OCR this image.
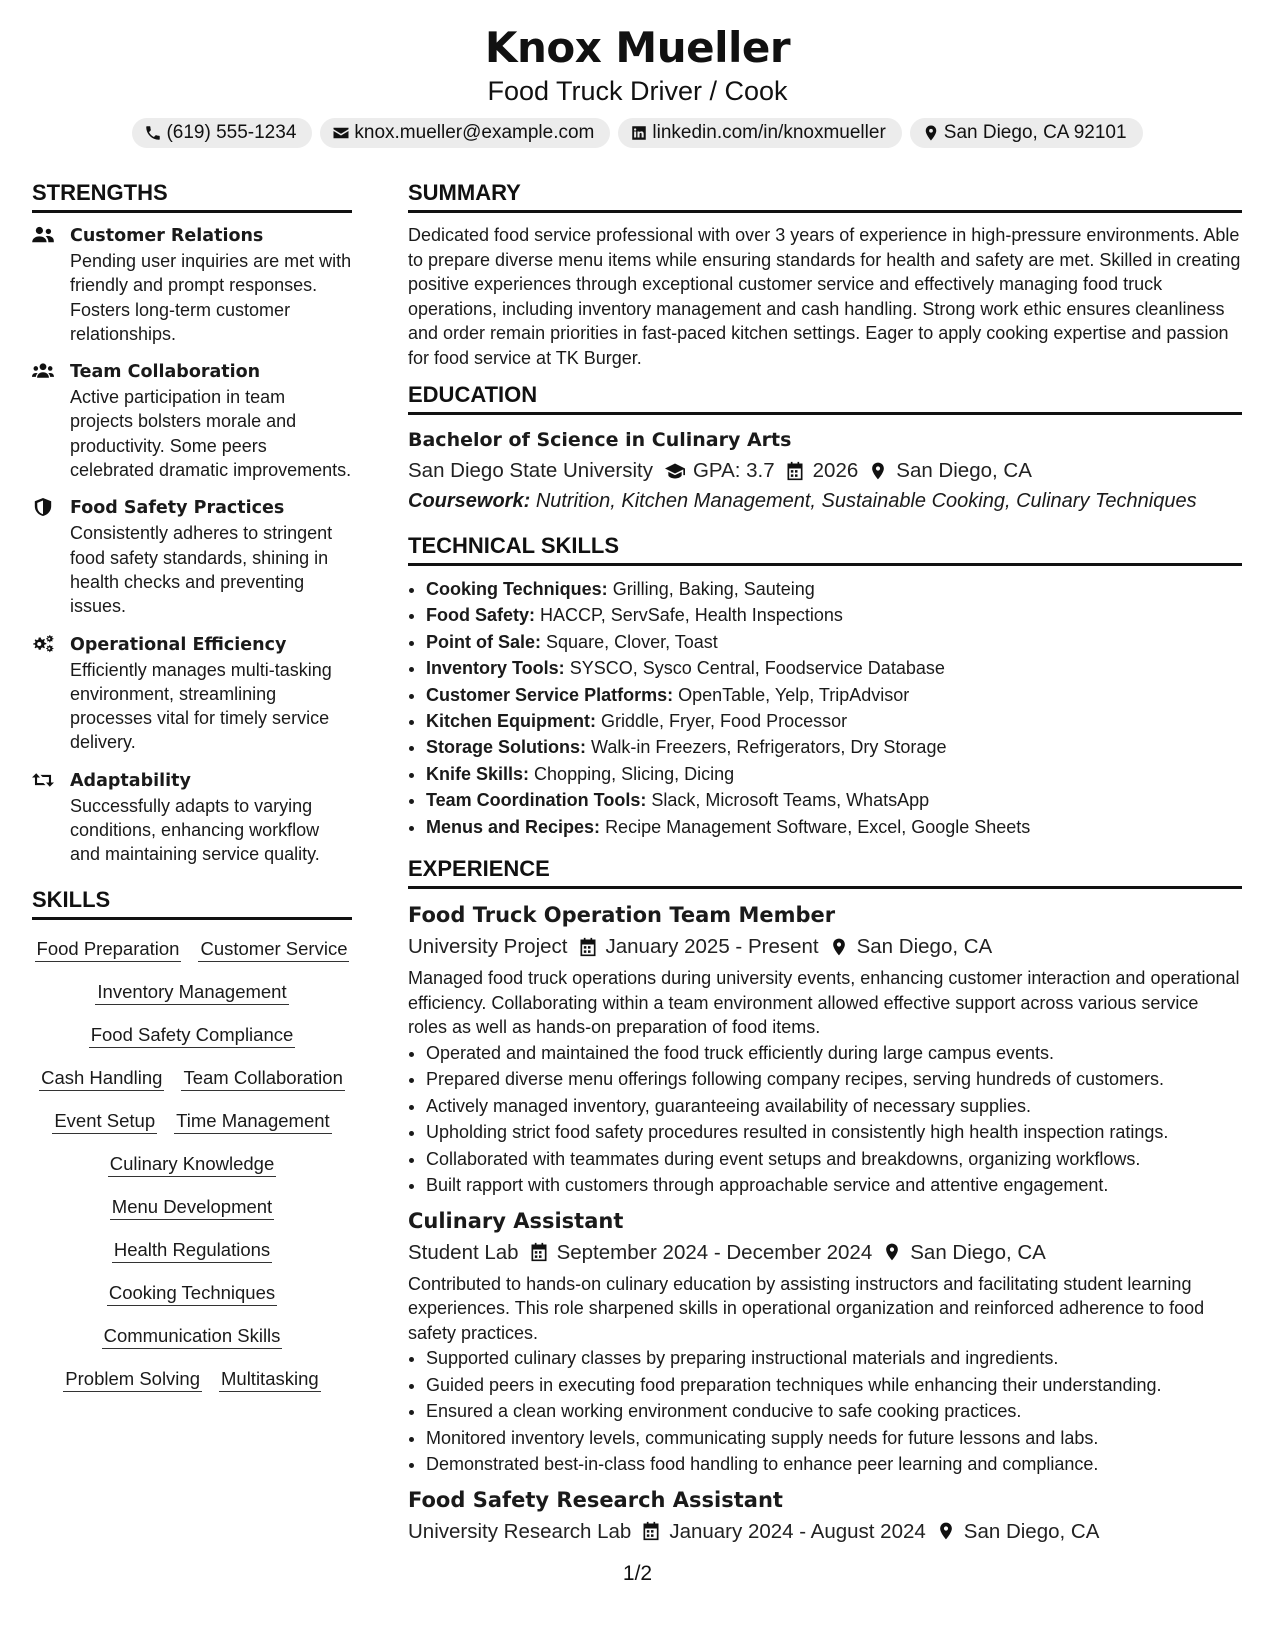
Knox Mueller
Food Truck Driver / Cook
(619) 555-1234	knox.mueller@example.com	linkedin.com/in/knoxmueller	San Diego, CA 92101
STRENGTHS
Customer Relations
Pending user inquiries are met with friendly and prompt responses. Fosters long-term customer relationships.
Team Collaboration
Active participation in team projects bolsters morale and productivity. Some peers celebrated dramatic improvements.
Food Safety Practices
Consistently adheres to stringent food safety standards, shining in health checks and preventing issues.
Operational Efficiency
Efficiently manages multi-tasking environment, streamlining processes vital for timely service delivery.
Adaptability
Successfully adapts to varying conditions, enhancing workflow and maintaining service quality.
SKILLS
Food Preparation Customer Service
Inventory Management
Food Safety Compliance
Cash Handling Team Collaboration
Event Setup Time Management
Culinary Knowledge
Menu Development
Health Regulations
Cooking Techniques
Communication Skills
Problem Solving Multitasking
SUMMARY

Dedicated food service professional with over 3 years of experience in high-pressure environments. Able to prepare diverse menu items while ensuring standards for health and safety are met. Skilled in creating positive experiences through exceptional customer service and effectively managing food truck operations, including inventory management and cash handling. Strong work ethic ensures cleanliness and order remain priorities in fast-paced kitchen settings. Eager to apply cooking expertise and passion for food service at TK Burger.

EDUCATION
Bachelor of Science in Culinary Arts
San Diego State University GPA: 3.7 2026 San Diego, CA
Coursework: Nutrition, Kitchen Management, Sustainable Cooking, Culinary Techniques
TECHNICAL SKILLS
• Cooking Techniques: Grilling, Baking, Sauteing
• Food Safety: HACCP, ServSafe, Health Inspections
• Point of Sale: Square, Clover, Toast
• Inventory Tools: SYSCO, Sysco Central, Foodservice Database
• Customer Service Platforms: OpenTable, Yelp, TripAdvisor
• Kitchen Equipment: Griddle, Fryer, Food Processor
• Storage Solutions: Walk-in Freezers, Refrigerators, Dry Storage
• Knife Skills: Chopping, Slicing, Dicing
• Team Coordination Tools: Slack, Microsoft Teams, WhatsApp
• Menus and Recipes: Recipe Management Software, Excel, Google Sheets
EXPERIENCE
Food Truck Operation Team Member
University Project January 2025 - Present San Diego, CA
Managed food truck operations during university events, enhancing customer interaction and operational efficiency. Collaborating within a team environment allowed effective support across various service roles as well as hands-on preparation of food items.
• Operated and maintained the food truck efficiently during large campus events.
• Prepared diverse menu offerings following company recipes, serving hundreds of customers.
• Actively managed inventory, guaranteeing availability of necessary supplies.
• Upholding strict food safety procedures resulted in consistently high health inspection ratings.
• Collaborated with teammates during event setups and breakdowns, organizing workflows.
• Built rapport with customers through approachable service and attentive engagement.
Culinary Assistant
Student Lab September 2024 - December 2024 San Diego, CA
Contributed to hands-on culinary education by assisting instructors and facilitating student learning experiences. This role sharpened skills in operational organization and reinforced adherence to food safety practices.
• Supported culinary classes by preparing instructional materials and ingredients.
• Guided peers in executing food preparation techniques while enhancing their understanding.
• Ensured a clean working environment conducive to safe cooking practices.
• Monitored inventory levels, communicating supply needs for future lessons and labs.
• Demonstrated best-in-class food handling to enhance peer learning and compliance.
Food Safety Research Assistant
University Research Lab January 2024 - August 2024 San Diego, CA
1/2
